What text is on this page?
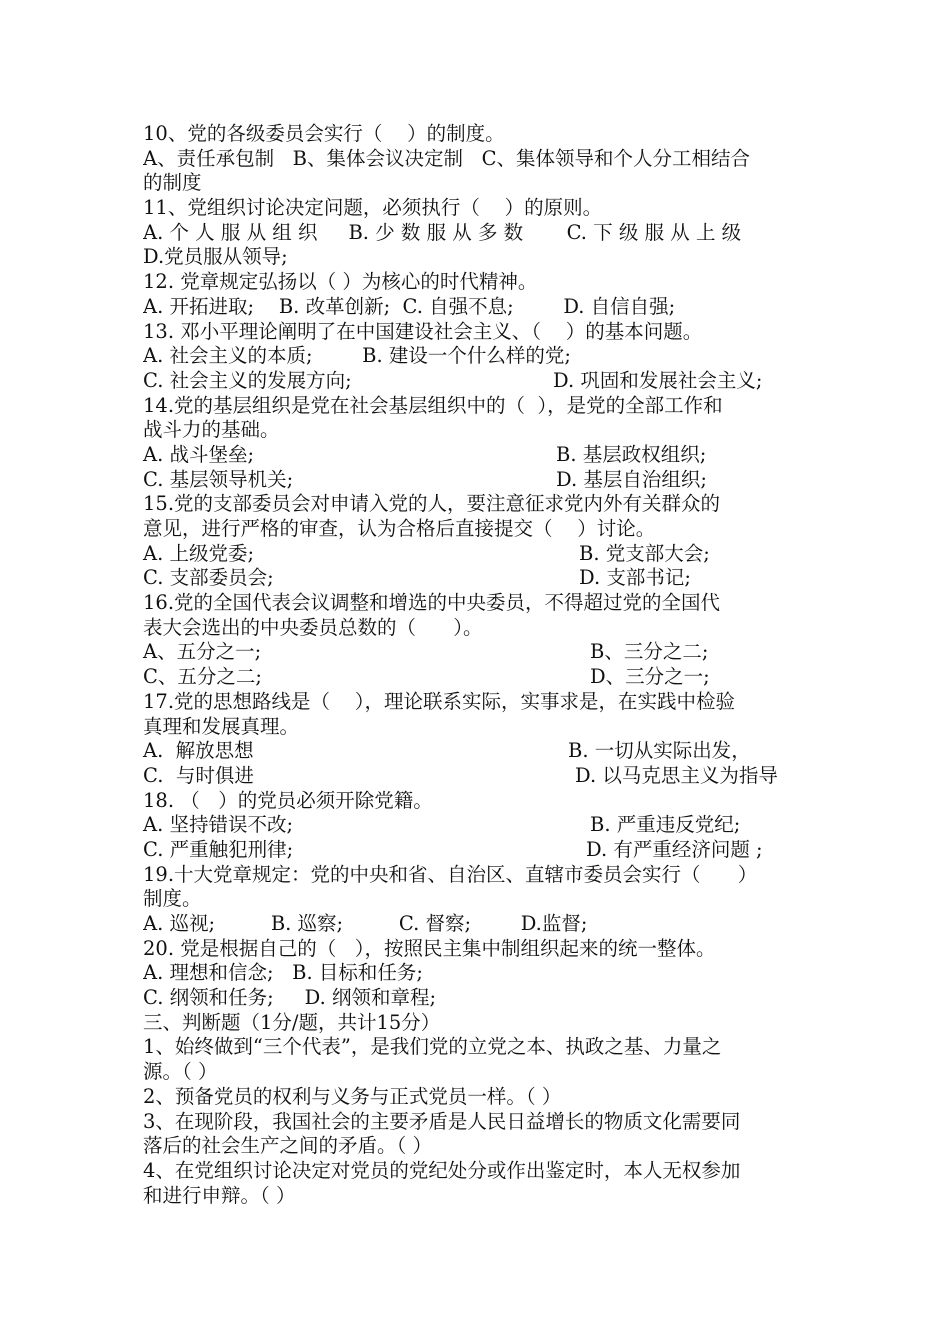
10、党的各级委员会实行（    ）的制度。
A、责任承包制   B、集体会议决定制   C、集体领导和个人分工相结合
的制度
11、党组织讨论决定问题，必须执行（    ）的原则。
A. 个 人 服 从 组 织     B. 少 数 服 从 多 数       C. 下 级 服 从 上 级
D.党员服从领导;
12. 党章规定弘扬以（ ）为核心的时代精神。
A. 开拓进取;    B. 改革创新;  C. 自强不息;        D. 自信自强;
13. 邓小平理论阐明了在中国建设社会主义、（    ）的基本问题。
A. 社会主义的本质;        B. 建设一个什么样的党;
C. 社会主义的发展方向;	D. 巩固和发展社会主义;
14.党的基层组织是党在社会基层组织中的（  ），是党的全部工作和
战斗力的基础。
A. 战斗堡垒;	B. 基层政权组织;
C. 基层领导机关;	D. 基层自治组织;
15.党的支部委员会对申请入党的人，要注意征求党内外有关群众的
意见，进行严格的审查，认为合格后直接提交（    ）讨论。
A. 上级党委;	B. 党支部大会;
C. 支部委员会;	D. 支部书记;
16.党的全国代表会议调整和增选的中央委员，不得超过党的全国代
表大会选出的中央委员总数的（      ）。
A、五分之一;	B、三分之二;
C、五分之二;	D、三分之一;
17.党的思想路线是（    ），理论联系实际，实事求是，在实践中检验
真理和发展真理。
A.  解放思想	B. 一切从实际出发，
C.  与时俱进	D. 以马克思主义为指导
18. （   ）的党员必须开除党籍。
A. 坚持错误不改;	B. 严重违反党纪;
C. 严重触犯刑律;	D. 有严重经济问题 ;
19.十大党章规定：党的中央和省、自治区、直辖市委员会实行（      ）
制度。
A. 巡视;         B. 巡察;         C. 督察;        D.监督;
20. 党是根据自己的（   ），按照民主集中制组织起来的统一整体。
A. 理想和信念;   B. 目标和任务;
C. 纲领和任务;     D. 纲领和章程;
三、判断题（1分/题，共计15分）
1、始终做到“三个代表”，是我们党的立党之本、执政之基、力量之
源。（ ）
2、预备党员的权利与义务与正式党员一样。（ ）
3、在现阶段，我国社会的主要矛盾是人民日益增长的物质文化需要同
落后的社会生产之间的矛盾。（ ）
4、在党组织讨论决定对党员的党纪处分或作出鉴定时，本人无权参加
和进行申辩。（ ）
